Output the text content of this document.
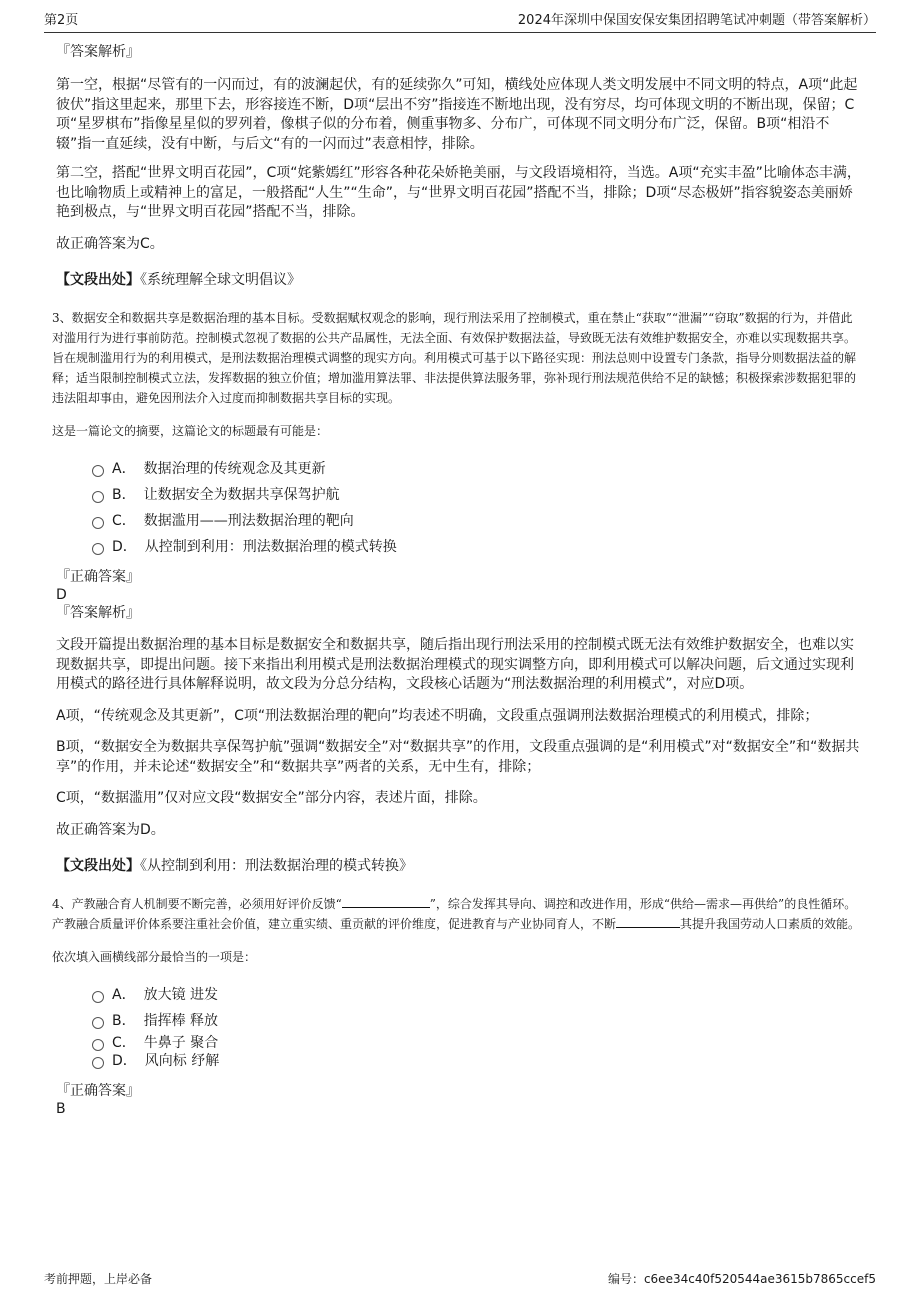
第2页	2024年深圳中保国安保安集团招聘笔试冲刺题（带答案解析）

『答案解析』

第一空，根据“尽管有的一闪而过，有的波澜起伏，有的延续弥久”可知，横线处应体现人类文明发展中不同文明的特点，A项“此起彼伏”指这里起来，那里下去，形容接连不断，D项“层出不穷”指接连不断地出现，没有穷尽，均可体现文明的不断出现，保留；C项“星罗棋布”指像星星似的罗列着，像棋子似的分布着，侧重事物多、分布广，可体现不同文明分布广泛，保留。B项“相沿不辍”指一直延续，没有中断，与后文“有的一闪而过”表意相悖，排除。

第二空，搭配“世界文明百花园”，C项“姹紫嫣红”形容各种花朵娇艳美丽，与文段语境相符，当选。A项“充实丰盈”比喻体态丰满，也比喻物质上或精神上的富足，一般搭配“人生”“生命”，与“世界文明百花园”搭配不当，排除；D项“尽态极妍”指容貌姿态美丽娇艳到极点，与“世界文明百花园”搭配不当，排除。

故正确答案为C。

【文段出处】《系统理解全球文明倡议》

3、数据安全和数据共享是数据治理的基本目标。受数据赋权观念的影响，现行刑法采用了控制模式，重在禁止“获取”“泄漏”“窃取”数据的行为，并借此对滥用行为进行事前防范。控制模式忽视了数据的公共产品属性，无法全面、有效保护数据法益，导致既无法有效维护数据安全，亦难以实现数据共享。旨在规制滥用行为的利用模式，是刑法数据治理模式调整的现实方向。利用模式可基于以下路径实现：刑法总则中设置专门条款，指导分则数据法益的解释；适当限制控制模式立法，发挥数据的独立价值；增加滥用算法罪、非法提供算法服务罪，弥补现行刑法规范供给不足的缺憾；积极探索涉数据犯罪的违法阻却事由，避免因刑法介入过度而抑制数据共享目标的实现。

这是一篇论文的摘要，这篇论文的标题最有可能是：

A． 数据治理的传统观念及其更新
B． 让数据安全为数据共享保驾护航
C． 数据滥用——刑法数据治理的靶向
D． 从控制到利用：刑法数据治理的模式转换

『正确答案』

D

『答案解析』

文段开篇提出数据治理的基本目标是数据安全和数据共享，随后指出现行刑法采用的控制模式既无法有效维护数据安全，也难以实现数据共享，即提出问题。接下来指出利用模式是刑法数据治理模式的现实调整方向，即利用模式可以解决问题，后文通过实现利用模式的路径进行具体解释说明，故文段为分总分结构，文段核心话题为“刑法数据治理的利用模式”，对应D项。

A项，“传统观念及其更新”，C项“刑法数据治理的靶向”均表述不明确，文段重点强调刑法数据治理模式的利用模式，排除；

B项，“数据安全为数据共享保驾护航”强调“数据安全”对“数据共享”的作用，文段重点强调的是“利用模式”对“数据安全”和“数据共享”的作用，并未论述“数据安全”和“数据共享”两者的关系，无中生有，排除；

C项，“数据滥用”仅对应文段“数据安全”部分内容，表述片面，排除。

故正确答案为D。

【文段出处】《从控制到利用：刑法数据治理的模式转换》

4、产教融合育人机制要不断完善，必须用好评价反馈“	”，综合发挥其导向、调控和改进作用，形成“供给—需求—再供给”的良性循环。产教融合质量评价体系要注重社会价值，建立重实绩、重贡献的评价维度，促进教育与产业协同育人，不断	其提升我国劳动人口素质的效能。

依次填入画横线部分最恰当的一项是：

A． 放大镜 进发
B． 指挥棒 释放
C． 牛鼻子 聚合
D． 风向标 纾解

『正确答案』

B

考前押题，上岸必备	编号：c6ee34c40f520544ae3615b7865ccef5
